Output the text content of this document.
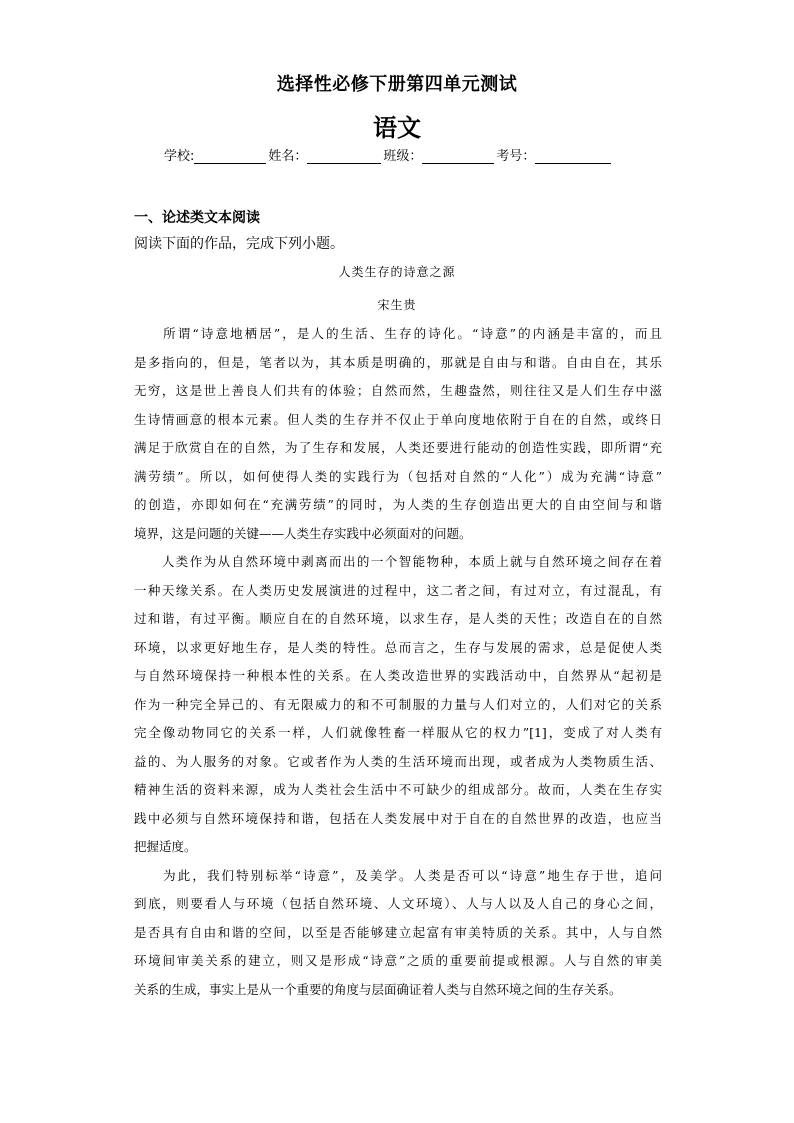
选择性必修下册第四单元测试
语文
学校:	姓名：	班级：	考号：
一、论述类文本阅读
阅读下面的作品，完成下列小题。
人类生存的诗意之源
宋生贵
　　所谓“诗意地栖居”，是人的生活、生存的诗化。“诗意”的内涵是丰富的，而且
是多指向的，但是，笔者以为，其本质是明确的，那就是自由与和谐。自由自在，其乐
无穷，这是世上善良人们共有的体验；自然而然，生趣盎然，则往往又是人们生存中滋
生诗情画意的根本元素。但人类的生存并不仅止于单向度地依附于自在的自然，或终日
满足于欣赏自在的自然，为了生存和发展，人类还要进行能动的创造性实践，即所谓“充
满劳绩”。所以，如何使得人类的实践行为（包括对自然的“人化”）成为充满“诗意”
的创造，亦即如何在“充满劳绩”的同时，为人类的生存创造出更大的自由空间与和谐
境界，这是问题的关键——人类生存实践中必须面对的问题。
　　人类作为从自然环境中剥离而出的一个智能物种，本质上就与自然环境之间存在着
一种天缘关系。在人类历史发展演进的过程中，这二者之间，有过对立，有过混乱，有
过和谐，有过平衡。顺应自在的自然环境，以求生存，是人类的天性；改造自在的自然
环境，以求更好地生存，是人类的特性。总而言之，生存与发展的需求，总是促使人类
与自然环境保持一种根本性的关系。在人类改造世界的实践活动中，自然界从“起初是
作为一种完全异己的、有无限威力的和不可制服的力量与人们对立的，人们对它的关系
完全像动物同它的关系一样，人们就像牲畜一样服从它的权力”[1]，变成了对人类有
益的、为人服务的对象。它或者作为人类的生活环境而出现，或者成为人类物质生活、
精神生活的资料来源，成为人类社会生活中不可缺少的组成部分。故而，人类在生存实
践中必须与自然环境保持和谐，包括在人类发展中对于自在的自然世界的改造，也应当
把握适度。
　　为此，我们特别标举“诗意”，及美学。人类是否可以“诗意”地生存于世，追问
到底，则要看人与环境（包括自然环境、人文环境）、人与人以及人自己的身心之间，
是否具有自由和谐的空间，以至是否能够建立起富有审美特质的关系。其中，人与自然
环境间审美关系的建立，则又是形成“诗意”之质的重要前提或根源。人与自然的审美
关系的生成，事实上是从一个重要的角度与层面确证着人类与自然环境之间的生存关系。
